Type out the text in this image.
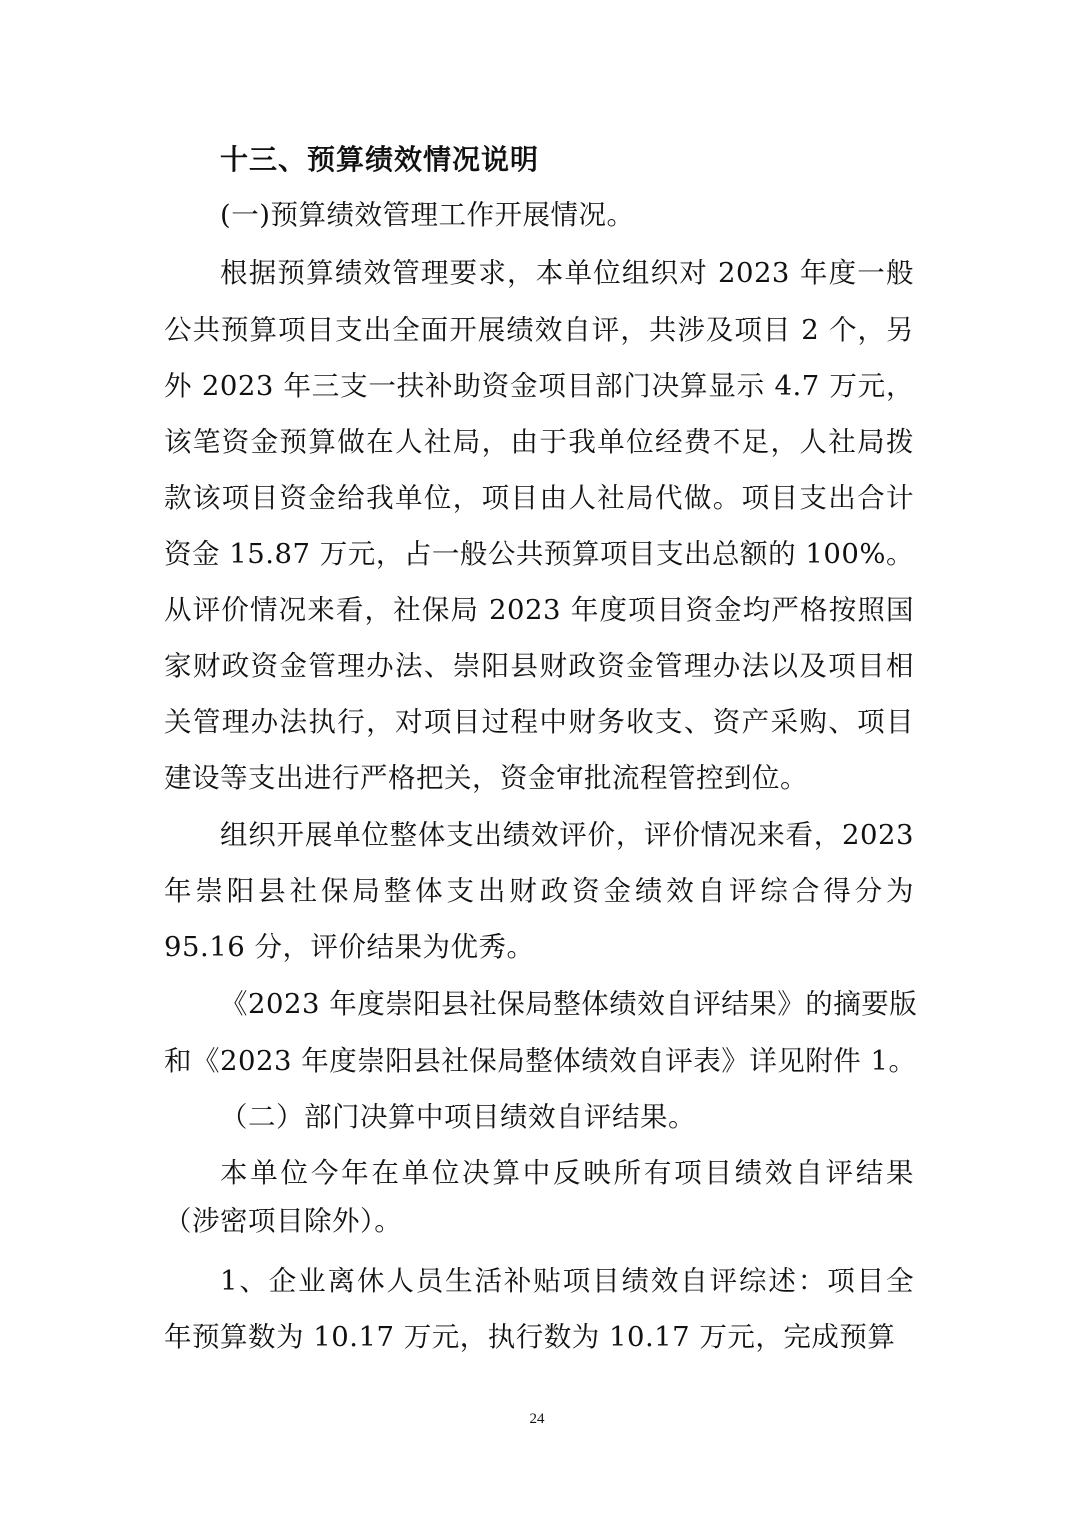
十三、预算绩效情况说明
(一)预算绩效管理工作开展情况。
根据预算绩效管理要求，本单位组织对 2023 年度一般
公共预算项目支出全面开展绩效自评，共涉及项目 2 个，另
外 2023 年三支一扶补助资金项目部门决算显示 4.7 万元，
该笔资金预算做在人社局，由于我单位经费不足，人社局拨
款该项目资金给我单位，项目由人社局代做。项目支出合计
资金 15.87 万元，占一般公共预算项目支出总额的 100%。
从评价情况来看，社保局 2023 年度项目资金均严格按照国
家财政资金管理办法、崇阳县财政资金管理办法以及项目相
关管理办法执行，对项目过程中财务收支、资产采购、项目
建设等支出进行严格把关，资金审批流程管控到位。
组织开展单位整体支出绩效评价，评价情况来看，2023
年崇阳县社保局整体支出财政资金绩效自评综合得分为
95.16 分，评价结果为优秀。
《2023 年度崇阳县社保局整体绩效自评结果》的摘要版
和《2023 年度崇阳县社保局整体绩效自评表》详见附件 1。
（二）部门决算中项目绩效自评结果。
本单位今年在单位决算中反映所有项目绩效自评结果
（涉密项目除外）。
1、企业离休人员生活补贴项目绩效自评综述：项目全
年预算数为 10.17 万元，执行数为 10.17 万元，完成预算
24
